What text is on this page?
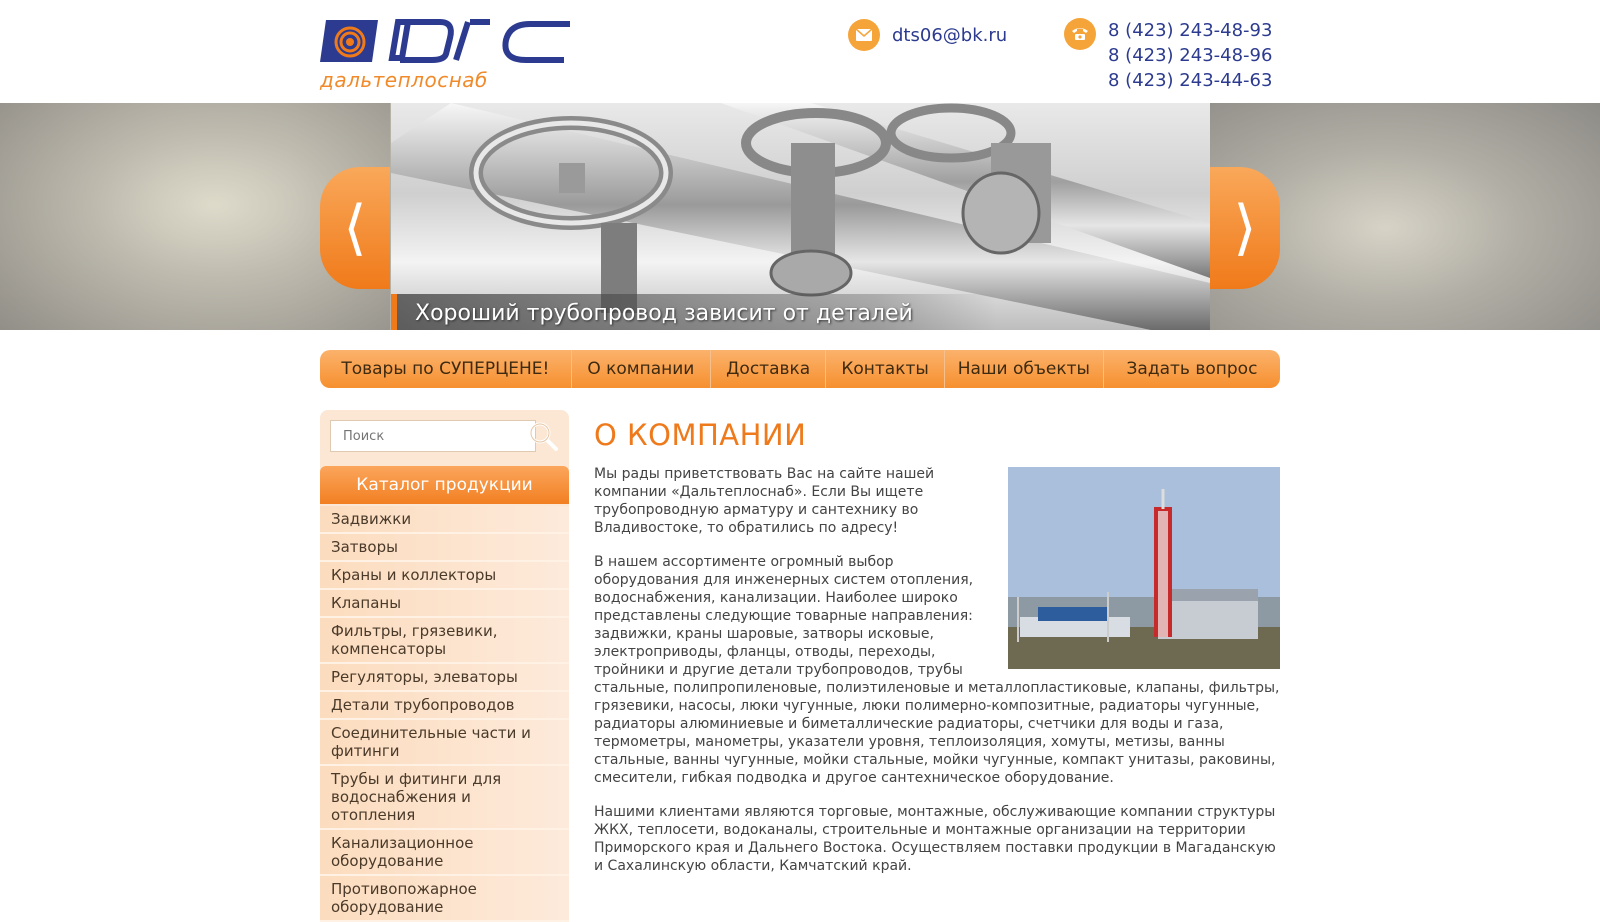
дальтеплоснаб
dts06@bk.ru	8 (423) 243-48-93
8 (423) 243-48-96
8 (423) 243-44-63
Хороший трубопровод зависит от деталей
⟨	⟩
Товары по СУПЕРЦЕНЕ!	О компании	Доставка	Контакты	Наши объекты	Задать вопрос
Поиск
Каталог продукции
Задвижки
Затворы
Краны и коллекторы
Клапаны
Фильтры, грязевики, компенсаторы
Регуляторы, элеваторы
Детали трубопроводов
Соединительные части и фитинги
Трубы и фитинги для водоснабжения и отопления
Канализационное оборудование
Противопожарное оборудование
О КОМПАНИИ

Мы рады приветствовать Вас на сайте нашей компании «Дальтеплоснаб». Если Вы ищете трубопроводную арматуру и сантехнику во Владивостоке, то обратились по адресу!

В нашем ассортименте огромный выбор оборудования для инженерных систем отопления, водоснабжения, канализации. Наиболее широко представлены следующие товарные направления: задвижки, краны шаровые, затворы исковые, электроприводы, фланцы, отводы, переходы, тройники и другие детали трубопроводов, трубы стальные, полипропиленовые, полиэтиленовые и металлопластиковые, клапаны, фильтры, грязевики, насосы, люки чугунные, люки полимерно-композитные, радиаторы чугунные, радиаторы алюминиевые и биметаллические радиаторы, счетчики для воды и газа, термометры, манометры, указатели уровня, теплоизоляция, хомуты, метизы, ванны стальные, ванны чугунные, мойки стальные, мойки чугунные, компакт унитазы, раковины, смесители, гибкая подводка и другое сантехническое оборудование.

Нашими клиентами являются торговые, монтажные, обслуживающие компании структуры ЖКХ, теплосети, водоканалы, строительные и монтажные организации на территории Приморского края и Дальнего Востока. Осуществляем поставки продукции в Магаданскую и Сахалинскую области, Камчатский край.
